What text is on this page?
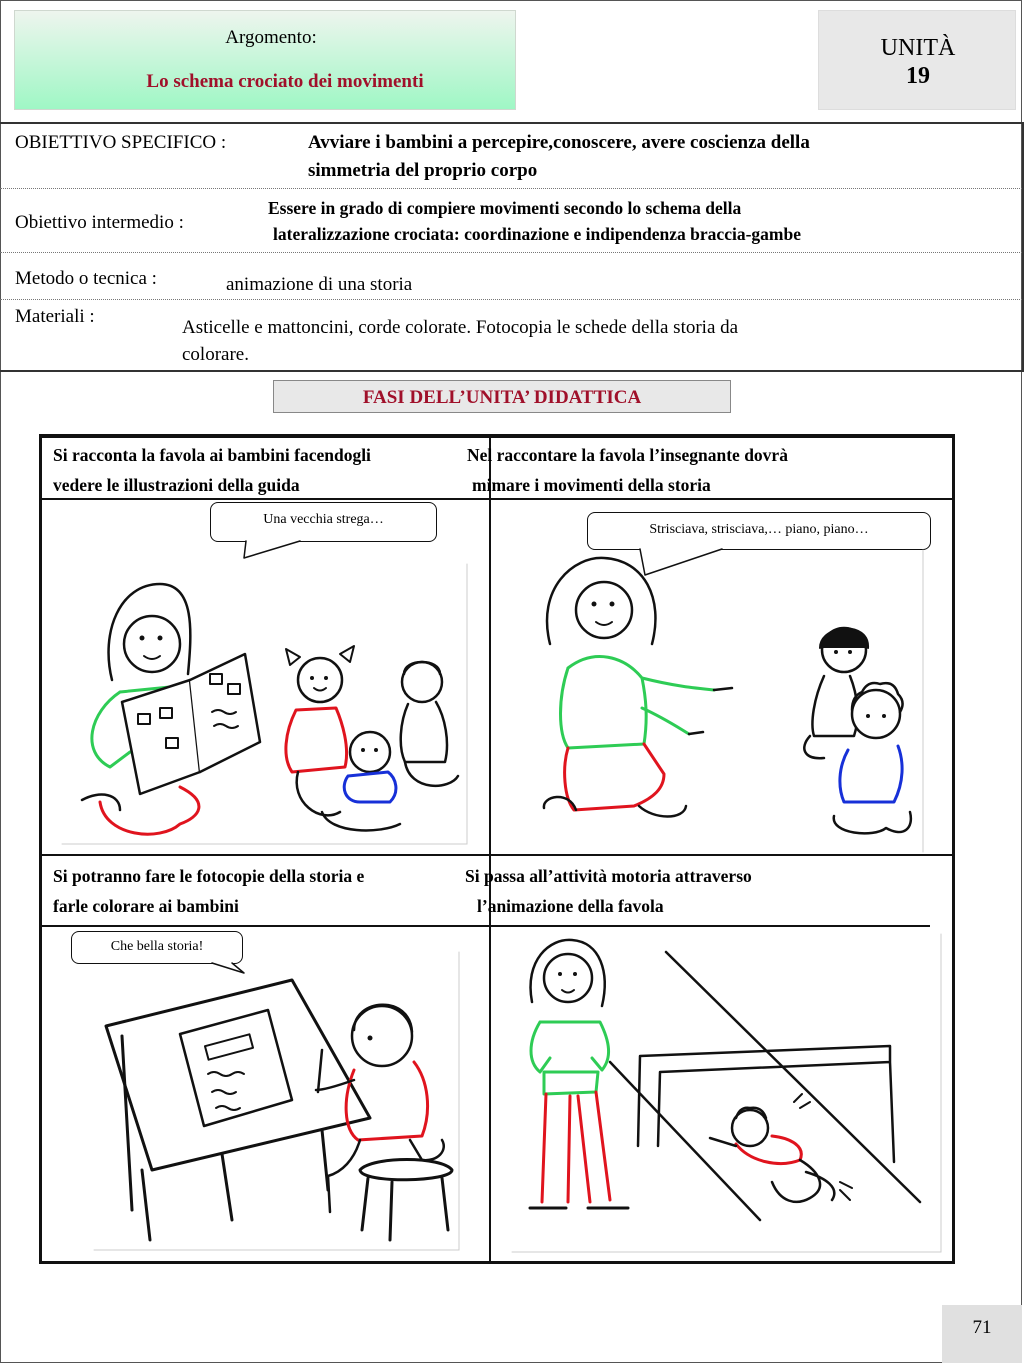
Argomento:
Lo schema crociato dei movimenti
UNITÀ
19
OBIETTIVO SPECIFICO :	Avviare i bambini a percepire,conoscere, avere coscienza della
simmetria del proprio corpo
Obiettivo intermedio :
Essere in grado di compiere movimenti secondo lo schema della
lateralizzazione crociata: coordinazione e indipendenza braccia-gambe
Metodo o tecnica :	animazione di una storia
Materiali :
Asticelle e mattoncini, corde colorate. Fotocopia le schede della storia da
colorare.
FASI DELL’UNITA’ DIDATTICA
Si racconta la favola ai bambini facendogli
vedere le illustrazioni della guida
Nel raccontare la favola l’insegnante dovrà
mimare i movimenti della storia
Si potranno fare le fotocopie della storia e
farle colorare ai bambini
Si passa all’attività motoria attraverso
l’animazione della favola
Una vecchia strega…
Strisciava, strisciava,… piano, piano…
Che bella storia!
71
